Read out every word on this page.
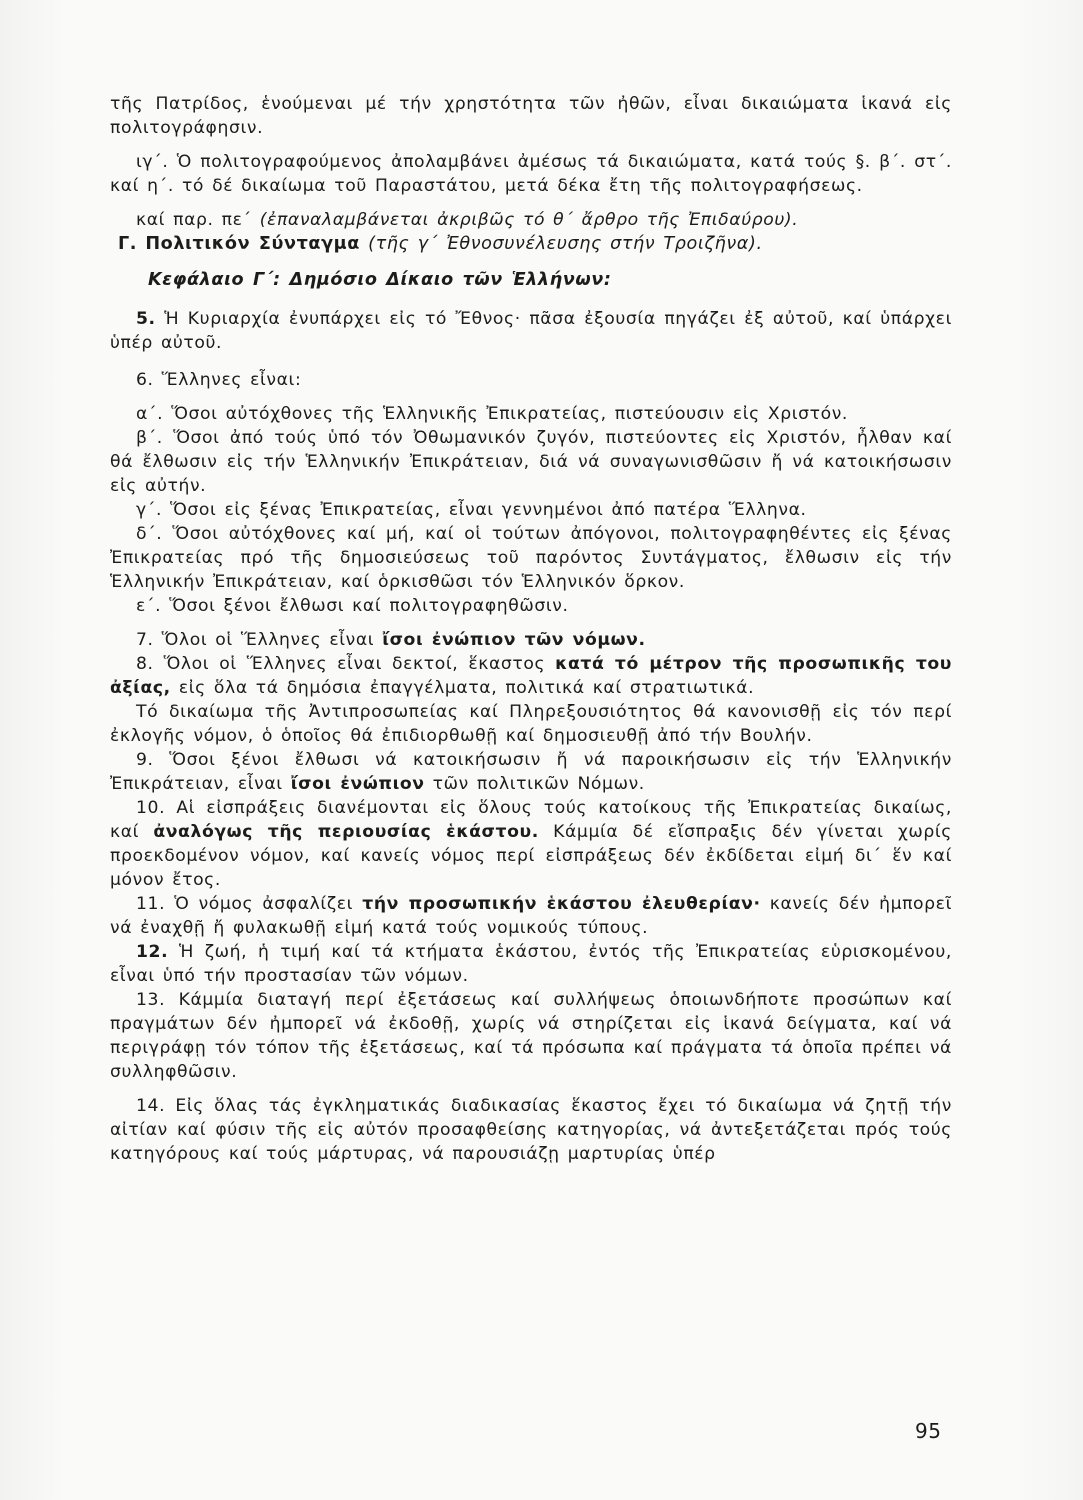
τῆς Πατρίδος, ἑνούμεναι μέ τήν χρηστότητα τῶν ἠθῶν, εἶναι δικαιώματα ἱκανά εἰς πολιτογράφησιν.

ιγ΄. Ὁ πολιτογραφούμενος ἀπολαμβάνει ἀμέσως τά δικαιώματα, κατά τούς §. β΄. στ΄. καί η΄. τό δέ δικαίωμα τοῦ Παραστάτου, μετά δέκα ἔτη τῆς πολιτογραφήσεως.

καί παρ. πε΄ (ἐπαναλαμβάνεται ἀκριβῶς τό θ΄ ἄρθρο τῆς Ἐπιδαύρου).

Γ. Πολιτικόν Σύνταγμα (τῆς γ΄ Ἐθνοσυνέλευσης στήν Τροιζῆνα).

Κεφάλαιο Γ΄: Δημόσιο Δίκαιο τῶν Ἑλλήνων:

5. Ἡ Κυριαρχία ἐνυπάρχει εἰς τό Ἔθνος· πᾶσα ἐξουσία πηγάζει ἐξ αὐτοῦ, καί ὑπάρχει ὑπέρ αὐτοῦ.

6. Ἕλληνες εἶναι:

α΄. Ὅσοι αὐτόχθονες τῆς Ἑλληνικῆς Ἐπικρατείας, πιστεύουσιν εἰς Χριστόν.

β΄. Ὅσοι ἀπό τούς ὑπό τόν Ὀθωμανικόν ζυγόν, πιστεύοντες εἰς Χριστόν, ἦλθαν καί θά ἔλθωσιν εἰς τήν Ἑλληνικήν Ἐπικράτειαν, διά νά συναγωνισθῶσιν ἤ νά κατοικήσωσιν εἰς αὐτήν.

γ΄. Ὅσοι εἰς ξένας Ἐπικρατείας, εἶναι γεννημένοι ἀπό πατέρα Ἕλληνα.

δ΄. Ὅσοι αὐτόχθονες καί μή, καί οἱ τούτων ἀπόγονοι, πολιτογραφηθέντες εἰς ξένας Ἐπικρατείας πρό τῆς δημοσιεύσεως τοῦ παρόντος Συντάγματος, ἔλθωσιν εἰς τήν Ἑλληνικήν Ἐπικράτειαν, καί ὁρκισθῶσι τόν Ἑλληνικόν ὅρκον.

ε΄. Ὅσοι ξένοι ἔλθωσι καί πολιτογραφηθῶσιν.

7. Ὅλοι οἱ Ἕλληνες εἶναι ἴσοι ἐνώπιον τῶν νόμων.

8. Ὅλοι οἱ Ἕλληνες εἶναι δεκτοί, ἕκαστος κατά τό μέτρον τῆς προσωπικῆς του ἀξίας, εἰς ὅλα τά δημόσια ἐπαγγέλματα, πολιτικά καί στρατιωτικά.

Τό δικαίωμα τῆς Ἀντιπροσωπείας καί Πληρεξουσιότητος θά κανονισθῇ εἰς τόν περί ἐκλογῆς νόμον, ὁ ὁποῖος θά ἐπιδιορθωθῇ καί δημοσιευθῇ ἀπό τήν Βουλήν.

9. Ὅσοι ξένοι ἔλθωσι νά κατοικήσωσιν ἤ νά παροικήσωσιν εἰς τήν Ἑλληνικήν Ἐπικράτειαν, εἶναι ἴσοι ἐνώπιον τῶν πολιτικῶν Νόμων.

10. Αἱ εἰσπράξεις διανέμονται εἰς ὅλους τούς κατοίκους τῆς Ἐπικρατείας δικαίως, καί ἀναλόγως τῆς περιουσίας ἑκάστου. Κάμμία δέ εἴσπραξις δέν γίνεται χωρίς προεκδομένον νόμον, καί κανείς νόμος περί εἰσπράξεως δέν ἐκδίδεται εἰμή δι΄ ἕν καί μόνον ἔτος.

11. Ὁ νόμος ἀσφαλίζει τήν προσωπικήν ἑκάστου ἐλευθερίαν· κανείς δέν ἠμπορεῖ νά ἐναχθῇ ἤ φυλακωθῇ εἰμή κατά τούς νομικούς τύπους.

12. Ἡ ζωή, ἡ τιμή καί τά κτήματα ἑκάστου, ἐντός τῆς Ἐπικρατείας εὑρισκομένου, εἶναι ὑπό τήν προστασίαν τῶν νόμων.

13. Κάμμία διαταγή περί ἐξετάσεως καί συλλήψεως ὁποιωνδήποτε προσώπων καί πραγμάτων δέν ἠμπορεῖ νά ἐκδοθῇ, χωρίς νά στηρίζεται εἰς ἱκανά δείγματα, καί νά περιγράφῃ τόν τόπον τῆς ἐξετάσεως, καί τά πρόσωπα καί πράγματα τά ὁποῖα πρέπει νά συλληφθῶσιν.

14. Εἰς ὅλας τάς ἐγκληματικάς διαδικασίας ἕκαστος ἔχει τό δικαίωμα νά ζητῇ τήν αἰτίαν καί φύσιν τῆς εἰς αὐτόν προσαφθείσης κατηγορίας, νά ἀντεξετάζεται πρός τούς κατηγόρους καί τούς μάρτυρας, νά παρουσιάζῃ μαρτυρίας ὑπέρ

95
